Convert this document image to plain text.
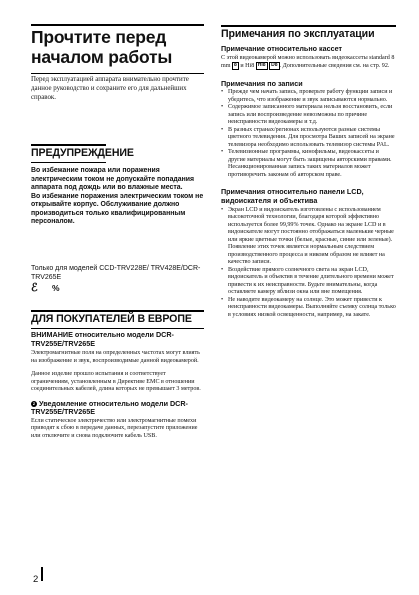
Прочтите перед началом работы
Перед эксплуатацией аппарата внимательно прочтите данное руководство и сохраните его для дальнейших справок.
ПРЕДУПРЕЖДЕНИЕ
Во избежание пожара или поражения электрическим током не допускайте попадания аппарата под дождь или во влажные места.
Во избежание поражения электрическим током не открывайте корпус. Обслуживание должно производиться только квалифицированным персоналом.
Только для моделей CCD-TRV228E/ TRV428E/DCR-TRV265E
ℰ %
ДЛЯ ПОКУПАТЕЛЕЙ В ЕВРОПЕ
ВНИМАНИЕ относительно модели DCR-TRV255E/TRV265E
Электромагнитные поля на определенных частотах могут влиять на изображение и звук, воспроизводимые данной видеокамерой.
Данное изделие прошло испытания и соответствует ограничениям, установленным в Директиве EMC в отношении соединительных кабелей, длина которых не превышает 3 метров.
z Уведомление относительно модели DCR-TRV255E/TRV265E
Если статическое электричество или электромагнитные помехи приводят к сбою в передаче данных, перезапустите приложение или отключите и снова подключите кабель USB.
Примечания по эксплуатации
Примечание относительно кассет
С этой видеокамерой можно использовать видеокассеты standard 8 mm 8 и Hi8 Hi8
	D8 . Дополнительные сведения см. на стр. 92.
Примечания по записи
• Прежде чем начать запись, проверьте работу функции записи и убедитесь, что изображение и звук записываются нормально.
• Содержимое записанного материала нельзя восстановить, если запись или воспроизведение невозможны по причине неисправности видеокамеры и т.д.
• В разных странах/регионах используются разные системы цветного телевидения. Для просмотра Ваших записей на экране телевизора необходимо использовать телевизор системы PAL.
• Телевизионные программы, кинофильмы, видеокассеты и другие материалы могут быть защищены авторскими правами. Несанкционированная запись таких материалов может противоречить законам об авторском праве.
Примечания относительно панели LCD, видоискателя и объектива
• Экран LCD и видоискатель изготовлены с использованием высокоточной технологии, благодаря которой эффективно используется более 99,99% точек. Однако на экране LCD и в видоискателе могут постоянно отображаться маленькие черные или яркие цветные точки (белые, красные, синие или зеленые). Появление этих точек является нормальным следствием производственного процесса и никоим образом не влияет на качество записи.
• Воздействие прямого солнечного света на экран LCD, видоискатель и объектив в течение длительного времени может привести к их неисправности. Будьте внимательны, когда оставляете камеру вблизи окна или вне помещения.
• Не наводите видеокамеру на солнце. Это может привести к неисправности видеокамеры. Выполняйте съемку солнца только в условиях низкой освещенности, например, на закате.
2
